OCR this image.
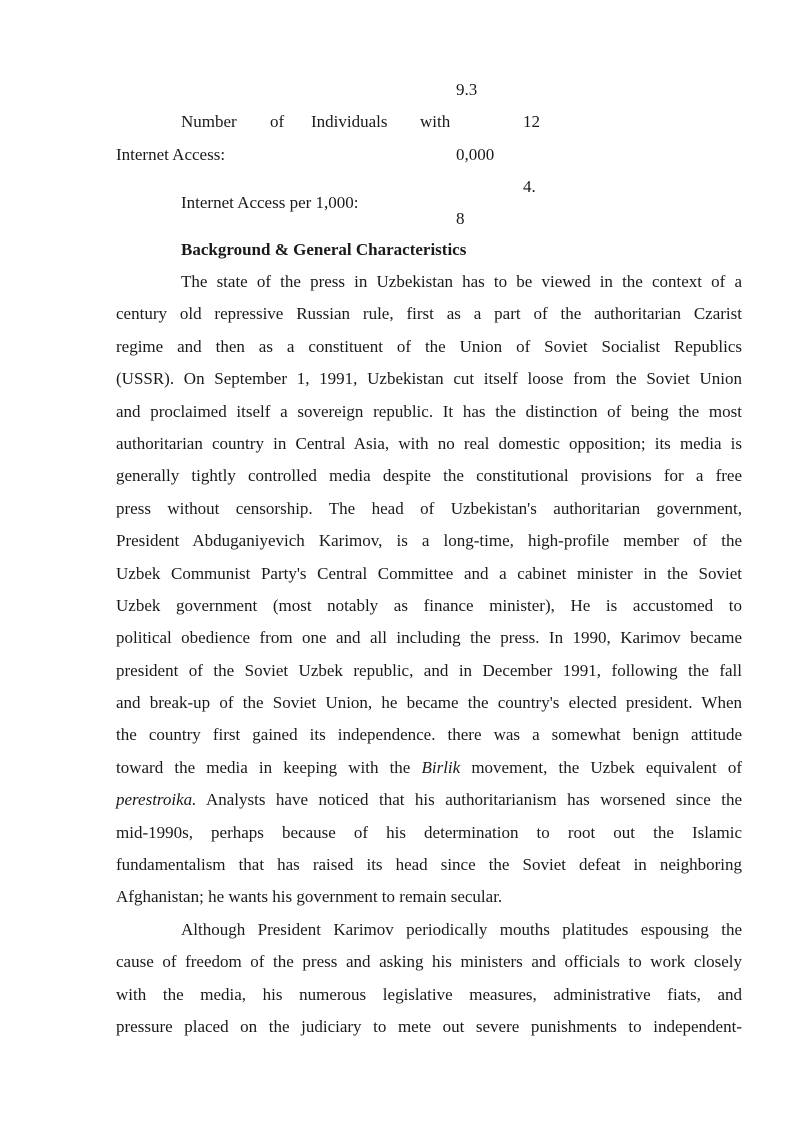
9.3
Number of Individuals with	12
Internet Access:	0,000
4.
Internet Access per 1,000:
8
Background & General Characteristics
The state of the press in Uzbekistan has to be viewed in the context of a
century old repressive Russian rule, first as a part of the authoritarian Czarist
regime and then as a constituent of the Union of Soviet Socialist Republics
(USSR). On September 1, 1991, Uzbekistan cut itself loose from the Soviet Union
and proclaimed itself a sovereign republic. It has the distinction of being the most
authoritarian country in Central Asia, with no real domestic opposition; its media is
generally tightly controlled media despite the constitutional provisions for a free
press without censorship. The head of Uzbekistan's authoritarian government,
President Abduganiyevich Karimov, is a long-time, high-profile member of the
Uzbek Communist Party's Central Committee and a cabinet minister in the Soviet
Uzbek government (most notably as finance minister), He is accustomed to
political obedience from one and all including the press. In 1990, Karimov became
president of the Soviet Uzbek republic, and in December 1991, following the fall
and break-up of the Soviet Union, he became the country's elected president. When
the country first gained its independence. there was a somewhat benign attitude
toward the media in keeping with the Birlik movement, the Uzbek equivalent of
perestroika. Analysts have noticed that his authoritarianism has worsened since the
mid-1990s, perhaps because of his determination to root out the Islamic
fundamentalism that has raised its head since the Soviet defeat in neighboring
Afghanistan; he wants his government to remain secular.
Although President Karimov periodically mouths platitudes espousing the
cause of freedom of the press and asking his ministers and officials to work closely
with the media, his numerous legislative measures, administrative fiats, and
pressure placed on the judiciary to mete out severe punishments to independent-
